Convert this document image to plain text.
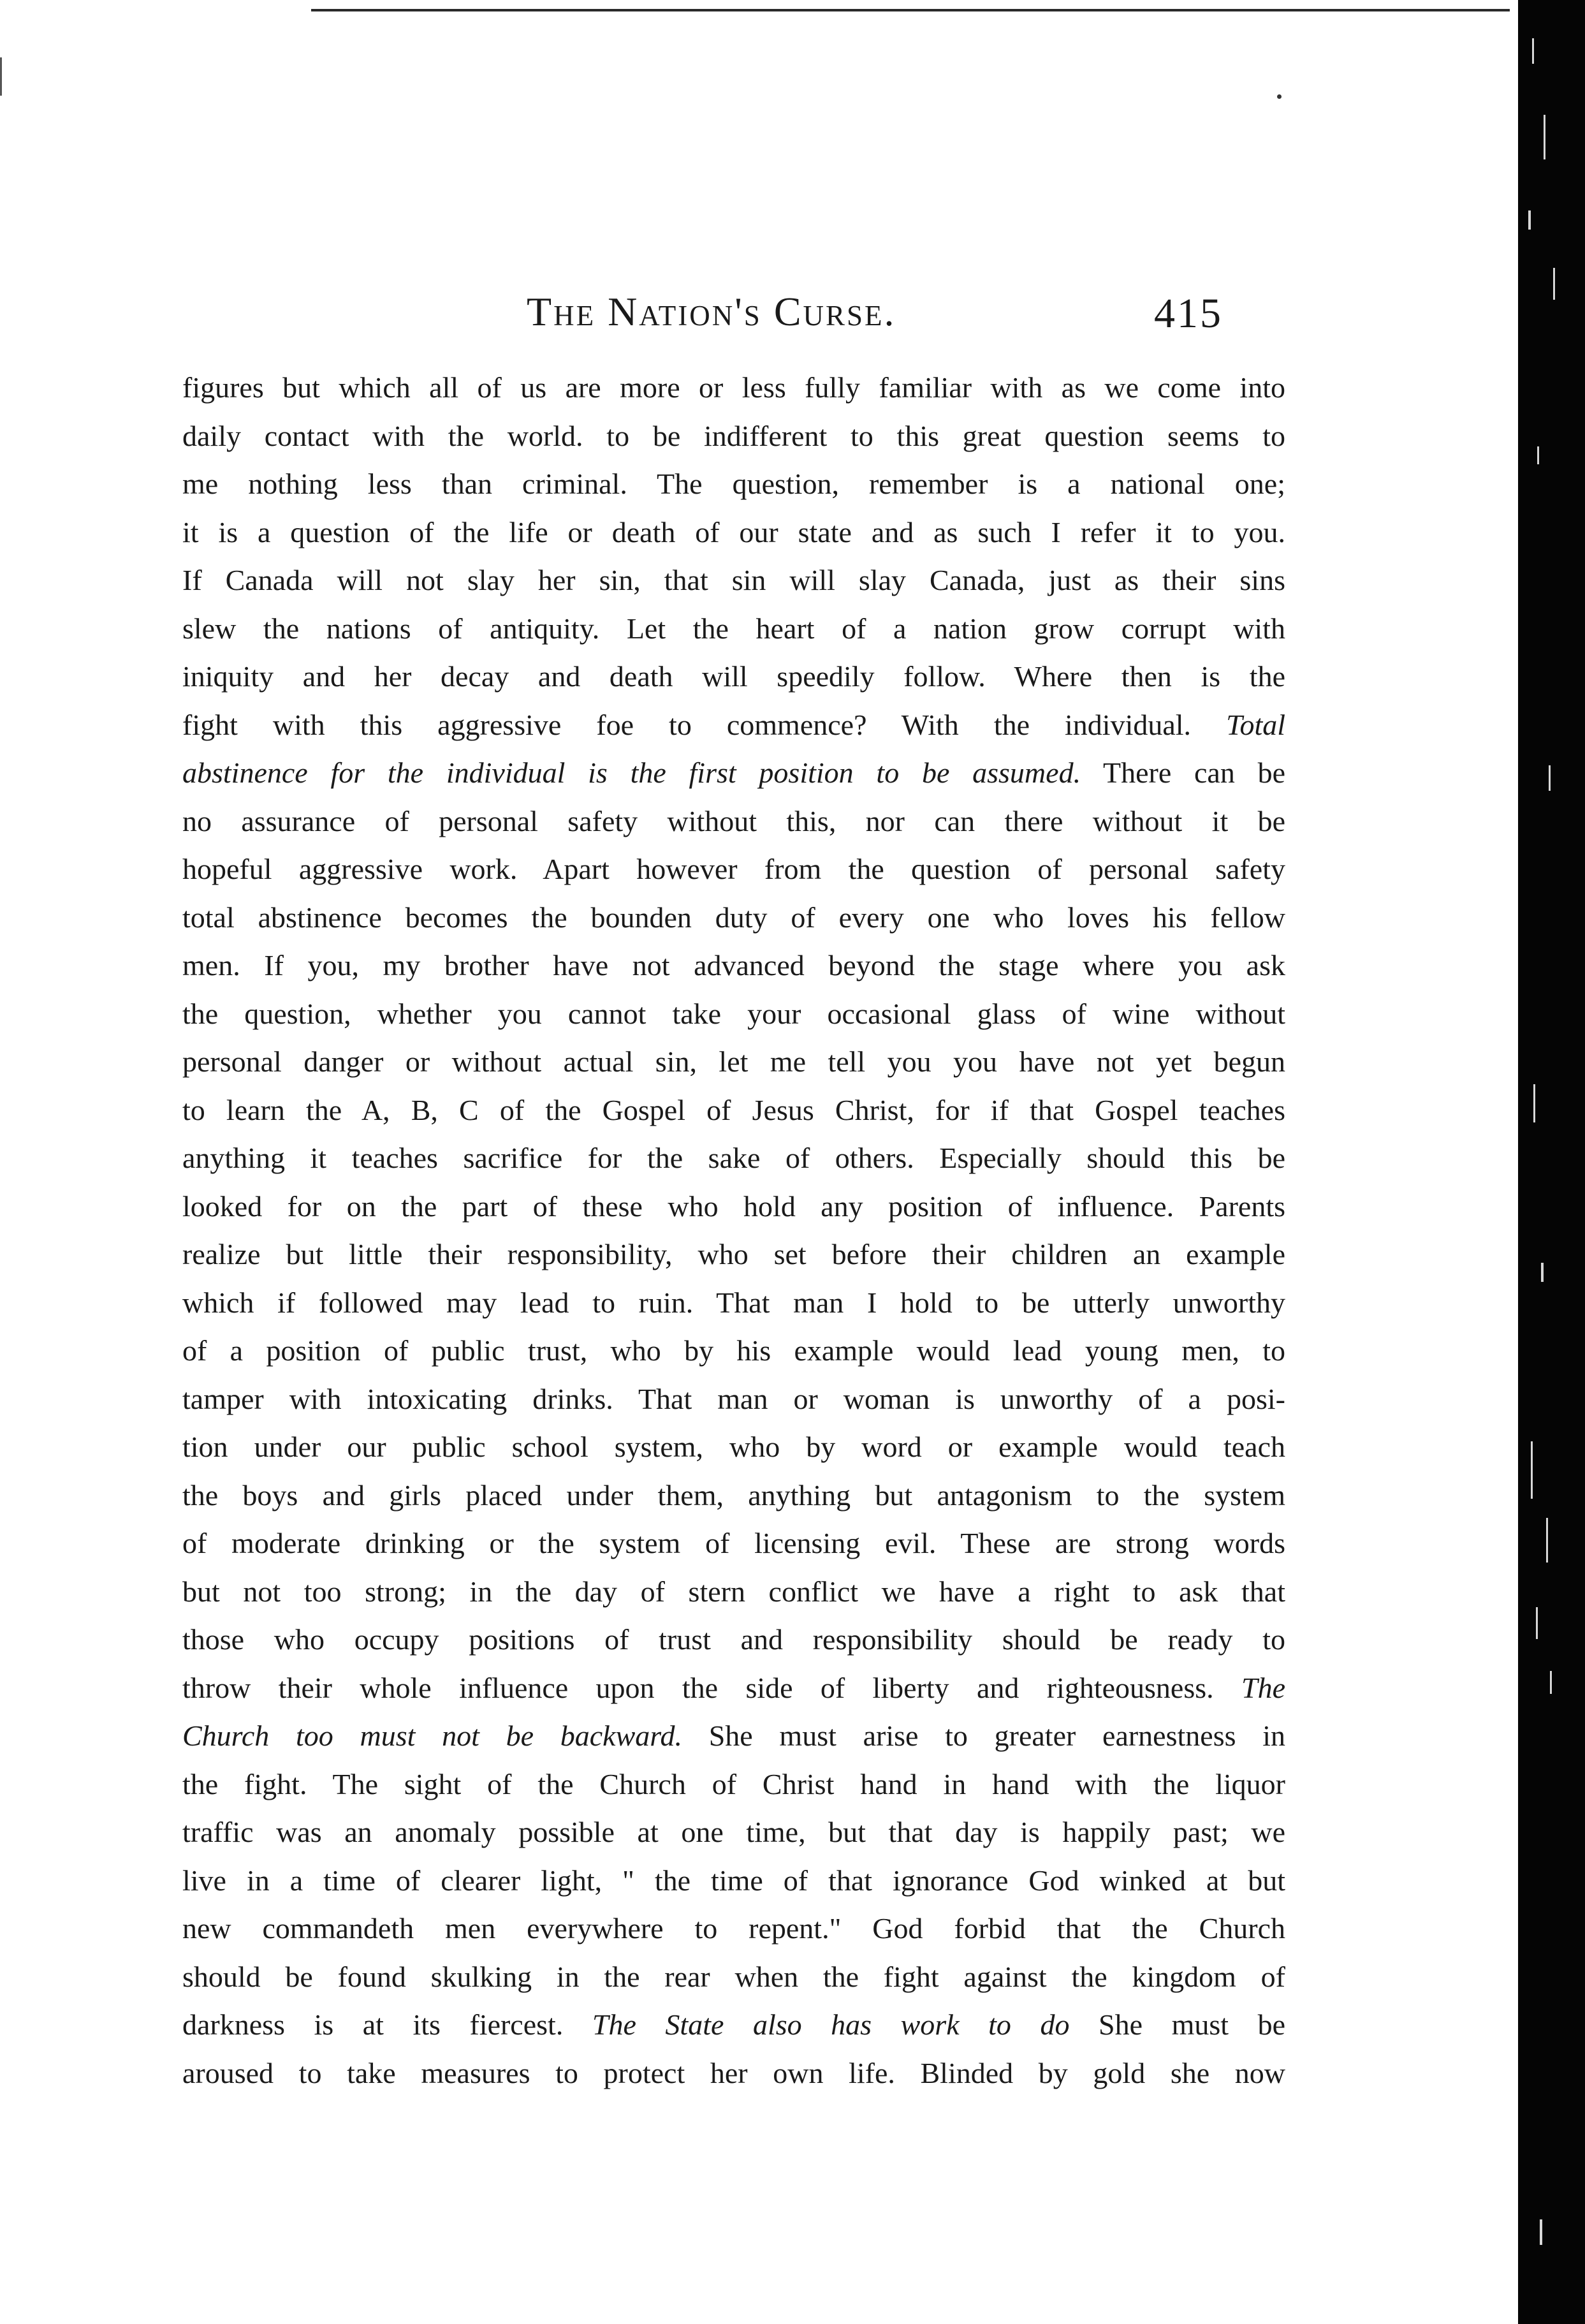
The Nation's Curse.	415
figures but which all of us are more or less fully familiar with as we come into
daily contact with the world. to be indifferent to this great question seems to
me nothing less than criminal. The question, remember is a national one;
it is a question of the life or death of our state and as such I refer it to you.
If Canada will not slay her sin, that sin will slay Canada, just as their sins
slew the nations of antiquity. Let the heart of a nation grow corrupt with
iniquity and her decay and death will speedily follow. Where then is the
fight with this aggressive foe to commence? With the individual. Total
abstinence for the individual is the first position to be assumed. There can be
no assurance of personal safety without this, nor can there without it be
hopeful aggressive work. Apart however from the question of personal safety
total abstinence becomes the bounden duty of every one who loves his fellow
men. If you, my brother have not advanced beyond the stage where you ask
the question, whether you cannot take your occasional glass of wine without
personal danger or without actual sin, let me tell you you have not yet begun
to learn the A, B, C of the Gospel of Jesus Christ, for if that Gospel teaches
anything it teaches sacrifice for the sake of others. Especially should this be
looked for on the part of these who hold any position of influence. Parents
realize but little their responsibility, who set before their children an example
which if followed may lead to ruin. That man I hold to be utterly unworthy
of a position of public trust, who by his example would lead young men, to
tamper with intoxicating drinks. That man or woman is unworthy of a posi-
tion under our public school system, who by word or example would teach
the boys and girls placed under them, anything but antagonism to the system
of moderate drinking or the system of licensing evil. These are strong words
but not too strong; in the day of stern conflict we have a right to ask that
those who occupy positions of trust and responsibility should be ready to
throw their whole influence upon the side of liberty and righteousness. The
Church too must not be backward. She must arise to greater earnestness in
the fight. The sight of the Church of Christ hand in hand with the liquor
traffic was an anomaly possible at one time, but that day is happily past; we
live in a time of clearer light, " the time of that ignorance God winked at but
new commandeth men everywhere to repent." God forbid that the Church
should be found skulking in the rear when the fight against the kingdom of
darkness is at its fiercest. The State also has work to do She must be
aroused to take measures to protect her own life. Blinded by gold she now
